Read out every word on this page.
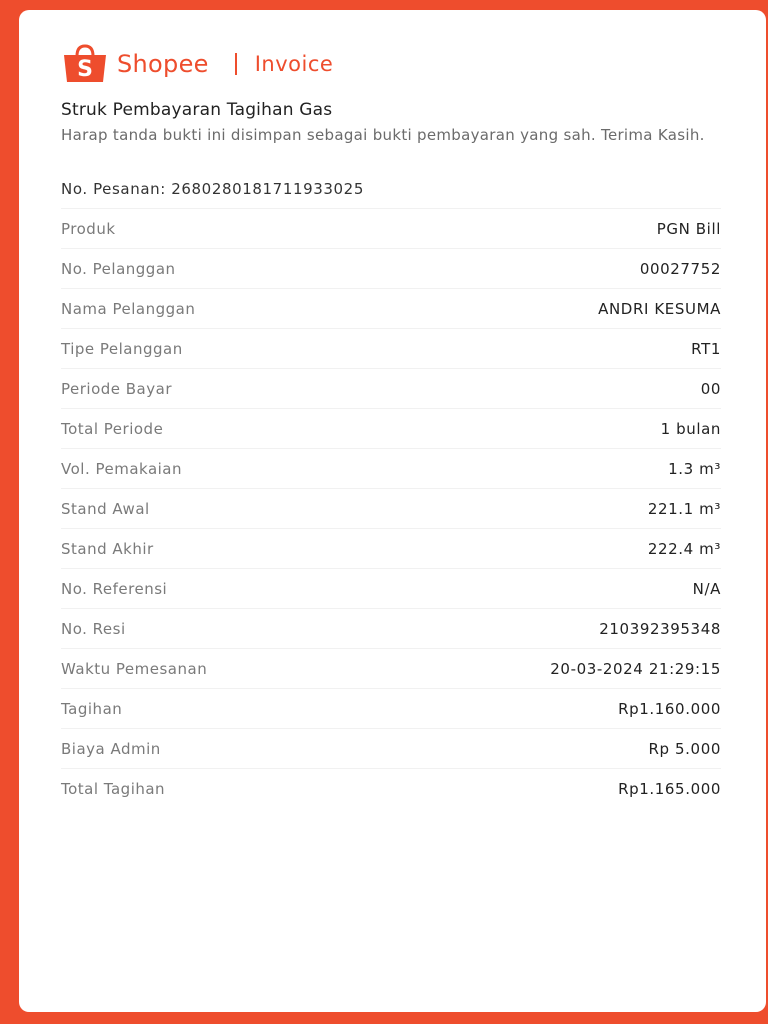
S Shopee Invoice
Struk Pembayaran Tagihan Gas
Harap tanda bukti ini disimpan sebagai bukti pembayaran yang sah. Terima Kasih.
No. Pesanan: 2680280181711933025
Produk	PGN Bill
No. Pelanggan	00027752
Nama Pelanggan	ANDRI KESUMA
Tipe Pelanggan	RT1
Periode Bayar	00
Total Periode	1 bulan
Vol. Pemakaian	1.3 m³
Stand Awal	221.1 m³
Stand Akhir	222.4 m³
No. Referensi	N/A
No. Resi	210392395348
Waktu Pemesanan	20-03-2024 21:29:15
Tagihan	Rp1.160.000
Biaya Admin	Rp 5.000
Total Tagihan	Rp1.165.000
